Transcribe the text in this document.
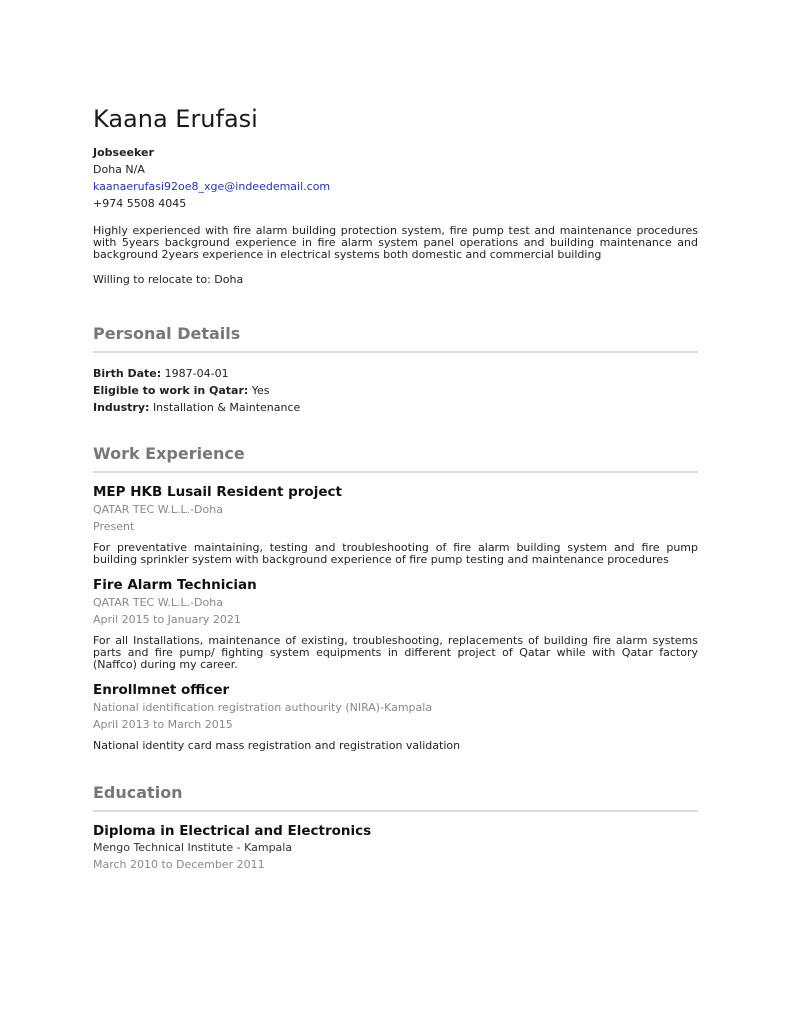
Kaana Erufasi

Jobseeker

Doha N/A

kaanaerufasi92oe8_xge@indeedemail.com

+974 5508 4045

Highly experienced with fire alarm building protection system, fire pump test and maintenance procedures with 5years background experience in fire alarm system panel operations and building maintenance and background 2years experience in electrical systems both domestic and commercial building

Willing to relocate to: Doha

Personal Details

Birth Date: 1987-04-01

Eligible to work in Qatar: Yes

Industry: Installation & Maintenance

Work Experience

MEP HKB Lusail Resident project

QATAR TEC W.L.L.-Doha

Present

For preventative maintaining, testing and troubleshooting of fire alarm building system and fire pump building sprinkler system with background experience of fire pump testing and maintenance procedures

Fire Alarm Technician

QATAR TEC W.L.L.-Doha

April 2015 to January 2021

For all Installations, maintenance of existing, troubleshooting, replacements of building fire alarm systems parts and fire pump/ fighting system equipments in different project of Qatar while with Qatar factory (Naffco) during my career.

Enrollmnet officer

National identification registration authourity (NIRA)-Kampala

April 2013 to March 2015

National identity card mass registration and registration validation

Education

Diploma in Electrical and Electronics

Mengo Technical Institute - Kampala

March 2010 to December 2011
